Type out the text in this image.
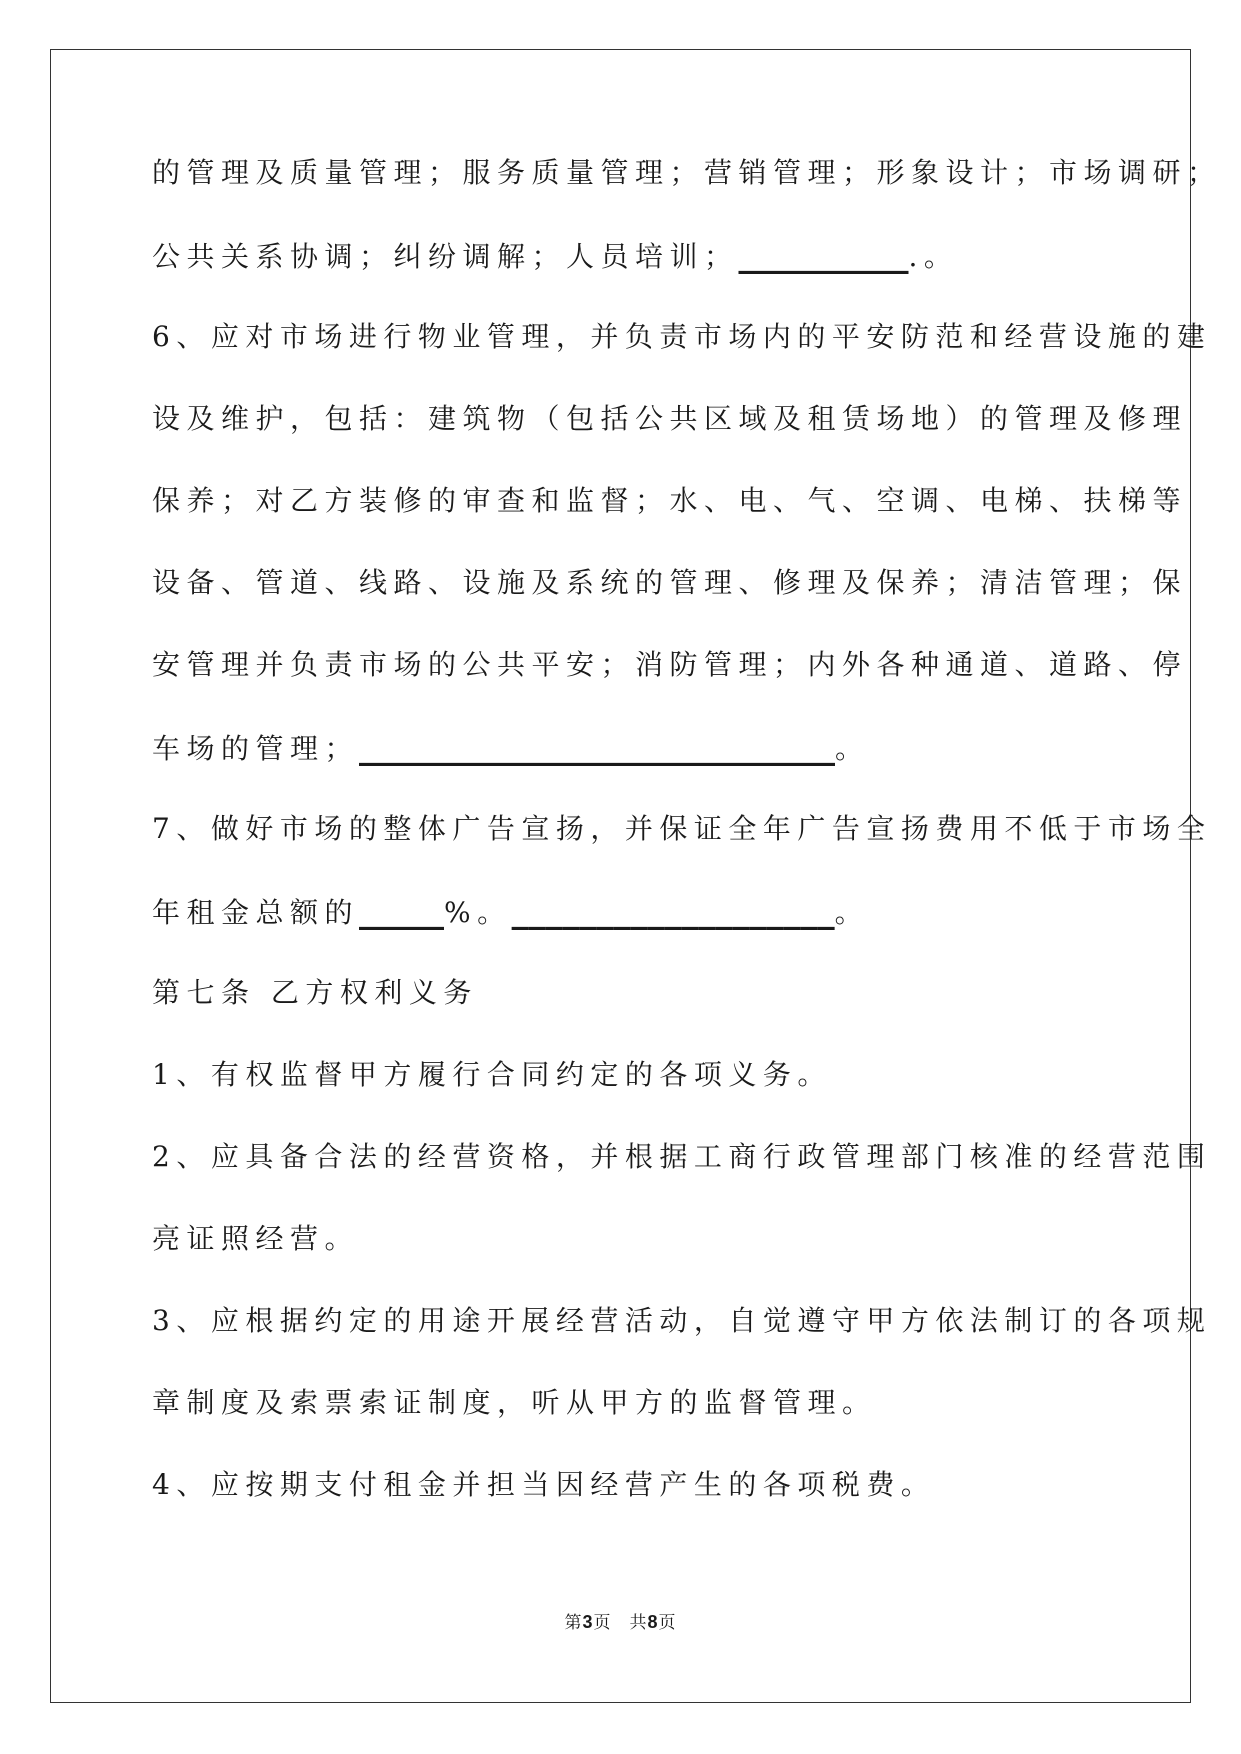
的管理及质量管理；服务质量管理；营销管理；形象设计；市场调研；
公共关系协调；纠纷调解；人员培训；__________.。
6、应对市场进行物业管理，并负责市场内的平安防范和经营设施的建
设及维护，包括：建筑物（包括公共区域及租赁场地）的管理及修理
保养；对乙方装修的审查和监督；水、电、气、空调、电梯、扶梯等
设备、管道、线路、设施及系统的管理、修理及保养；清洁管理；保
安管理并负责市场的公共平安；消防管理；内外各种通道、道路、停
车场的管理；____________________________。
7、做好市场的整体广告宣扬，并保证全年广告宣扬费用不低于市场全
年租金总额的_____%。___________________。
第七条 乙方权利义务
1、有权监督甲方履行合同约定的各项义务。
2、应具备合法的经营资格，并根据工商行政管理部门核准的经营范围
亮证照经营。
3、应根据约定的用途开展经营活动，自觉遵守甲方依法制订的各项规
章制度及索票索证制度，听从甲方的监督管理。
4、应按期支付租金并担当因经营产生的各项税费。
第3页 共8页
